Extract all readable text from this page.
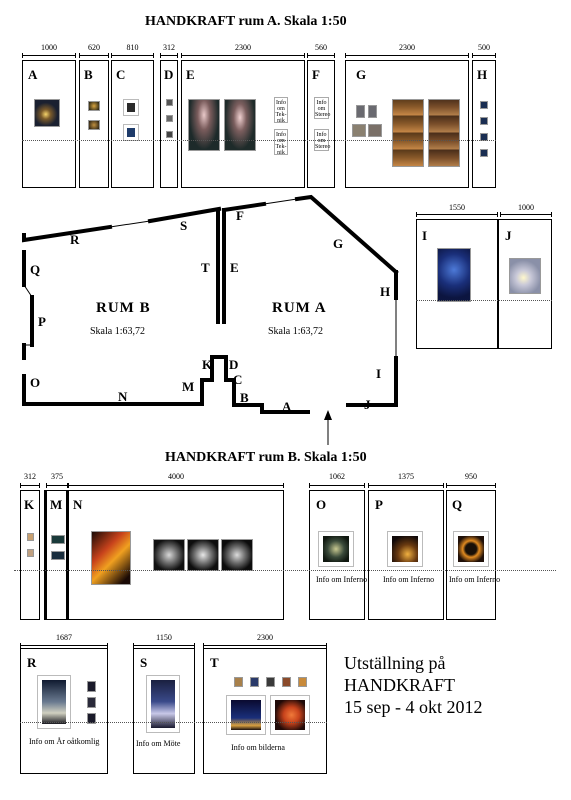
HANDKRAFT rum A. Skala 1:50
1000	620	810	312	2300	560	2300	500
A	B C	D E
Info om Tek- nik
Info om Tek- nik
F
Info om Stereo
Info om Stereo
G	H
R
S
T E
F
G
H
Q
P
O
N
M
K D
C
B
A	J
I
RUM B
Skala 1:63,72
RUM A
Skala 1:63,72
1550	1000
I	J
HANDKRAFT rum B. Skala 1:50
312	375	4000	1062	1375	950
K M N	O
Info om Inferno
P
Info om Inferno
Q
Info om Inferno
1687	1150	2300
R
Info om År oåtkomlig
S
Info om Möte
T
Info om bilderna
Utställning på
HANDKRAFT
15 sep - 4 okt 2012
